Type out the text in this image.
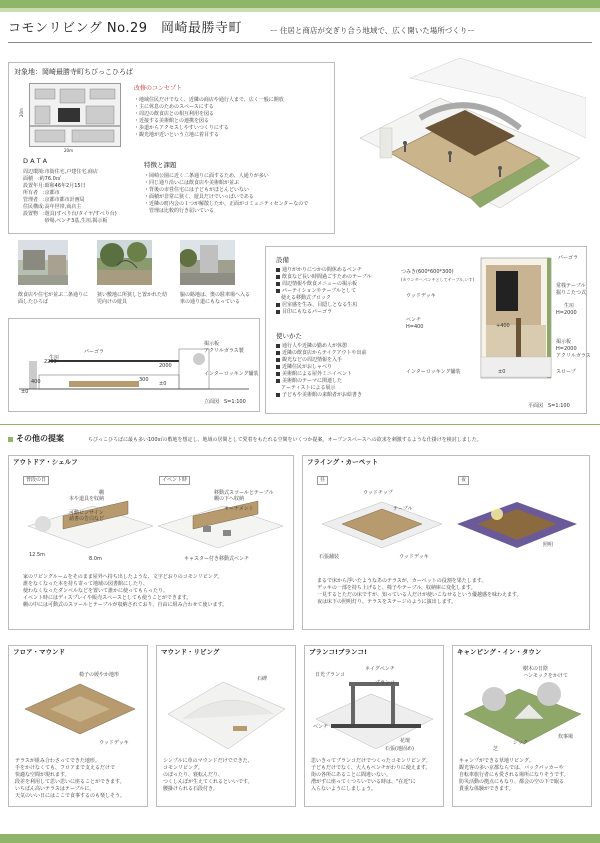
コモンリビング No.29　岡崎最勝寺町	ー 住居と商店が交ぎり合う地域で、広く開いた場所づくりー
対象地：岡崎最勝寺町ちびっこひろば
20m
20m
改修のコンセプト
・地域住民だけでなく、近隣の商店や通行人まで、広く一般に開放
・主に休息のためのスペースにする
・周辺の飲食店との相互利用を図る
・近接する美術館との連携を図る
・歩道からアクセスしやすいつくりにする
・観光地が近いという立地に着目する
D A T A
周辺環境:市街住宅,戸建住宅,商店
面積　:約76.0㎡
設置年月:昭和46年2月15日
所有者　:京都市
管理者　:京都市都市計画局
住民構成:高年世帯,商店主
設置物　:遊具(すべり台/タイヤ/すべり台)
　　　　 砂場,ベンチ3基,生垣,掲示板
特徴と課題
・岡崎公園に近く二条通りに面するため、人通りが多い
・同じ通り沿いには飲食店や美術館が並ぶ
・背後の市営住宅には子どもがほとんどいない
・面積が非常に狭く、遊具だけでいっぱいである
・近隣の町内会の１つが解散したか、正面がコミュニティセンターなので
　管理は比較的行き届いている
飲食店や住宅が並ぶ二条通りに面したひろば
狭い敷地に所狭しと置かれた幼児向けの遊具
脇の路地は、奥の駐車場へ入る車の通り道にもなっている
パーゴラ
生垣
掲示板
アクリルガラス製
インターロッキング舗装
2200
2000
300
400
±0
±0
立面図　S=1:100
設備
通りがかりにつかの間休めるベンチ
飲食など長い時間過ごすためのテーブル
周辺情報や飲食メニューの掲示板
パーテイションやテーブルとして
　使える移動式ブロック
居室感を生み、目隠しとなる生垣
目印にもなるパーゴラ
使いかた
通行人や近隣の勤め人が休憩
近隣の飲食店からテイクアウトや出前
観光などの周辺情報を入手
近隣住民がおしゃべり
美術館による屋外ミニイベント
美術館のテーマに関連した
　アーティストによる展示
子どもや美術館の来館者がお絵書き
つみき(600*600*300)
(カウンター,ベンチとしてテーブル,いす)
パーゴラ
ウッドデッキ
ベンチ
H=400	+400
常桟テーブル
掘りこたつ式
生垣
H=2000
掲示板
H=2000
アクリルガラス
±0
インターロッキング舗装	スロープ
平面図　S=1:100
その他の提案	ちびっこひろばに最も多い100㎡の敷地を想定し、地域の居間として愛着をもたれる空間をいくつか提案。オープンスペースへの欲求を刺激するような仕掛けを検討しました。
アウトドア・シェルフ
普段の日	イベント時
12.5m
8.0m
棚
本や道具を収納
可動ビンサイン
請書の告白など
移動式スツールとテーブル
棚の下へ収納
オーナメント
キャスター付き移動式ベンチ
家のリビングルームをそのまま屋外へ持ち出したような、文字どおりのコモンリビング。
誰をなくなった本を持ち寄って地域の図書館にしたり、
使わなくなったダンベルなどを置いて誰かに使ってもらったり。
イベント時にはディスプレイや販売スペースとしても使うことができます。
棚の中には可動式のスツールとテーブルが収納されており、自由に組み合わせて使います。
フライング・カーペット
昼	夜
ウッドチップ
テーブル
石張舗装	ウッドデッキ
照明
まるで床から浮いたようなあのテラスが、カーペットの役割を果たします。
デッキの一部を持ち上げると、椅子やテーブル、収納庫に変化します。
一見するとただの床ですが、知っている人だけが使いこなせるという優越感を味わえます。
夜は床下の照明灯り、テラスをステージのように演出します。
フロア・マウンド
椅子の緩やか地形
ウッドデッキ
テラスが組み合わさってできた地形。
手をかけなくても、フロアまで支えるだけで
快適な空間が現れます。
段差を利用して思い思いに座ることができます。
いちばん高いテラスはテーブルに。
天気のいい日にはここで食事するのも楽しそう。
マウンド・リビング
石碑
シンプルに草のマウンドだけでできた、
コモンリビング。
のぼったり、寝転んだり、
つくしんぼが生えてくれるといいです。
腰掛けられる石段付き。
ブランコ!ブランコ!
日光ブランコ
ネイグベンチ
ブランコ
ベンチ
花壇
石張(地固め)
思いきってブランコだけでつくったコモンリビング。
子どもだけでなく、大人もベンチがわりに使えます。
街の各所にあることに間違いない。
漕がずに座ってくつろいでいる時は、"在近"に
入らないようにしましょう。
キャンピング・イン・タウン
樹木の日陰
ハンモックをかけて
ジック
芝
炊事場
キャンプができる草地リビング。
観光客の多い京都ならでは、バックパッカーや
自転車旅行者にも愛される場所になりそうです。
防災活動の拠点にもなり、都会の空の下で眠る
貴重な体験ができます。
